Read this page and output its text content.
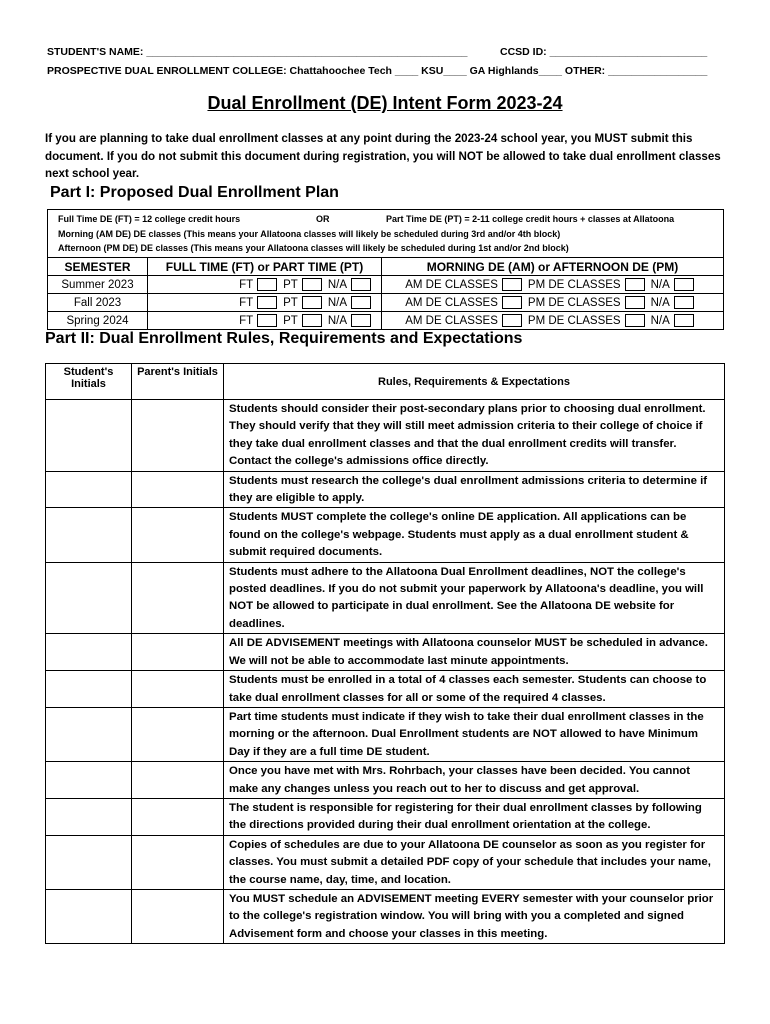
STUDENT'S NAME: _______________________________________________________	CCSD ID: ___________________________
PROSPECTIVE DUAL ENROLLMENT COLLEGE: Chattahoochee Tech ____ KSU____ GA Highlands____ OTHER: _________________
Dual Enrollment (DE) Intent Form 2023-24
If you are planning to take dual enrollment classes at any point during the 2023-24 school year, you MUST submit this document. If you do not submit this document during registration, you will NOT be allowed to take dual enrollment classes next school year.
Part I: Proposed Dual Enrollment Plan
Full Time DE (FT) = 12 college credit hours	OR	Part Time DE (PT) = 2-11 college credit hours + classes at Allatoona
Morning (AM DE) DE classes (This means your Allatoona classes will likely be scheduled during 3rd and/or 4th block)
Afternoon (PM DE) DE classes (This means your Allatoona classes will likely be scheduled during 1st and/or 2nd block)
SEMESTER	FULL TIME (FT) or PART TIME (PT)	MORNING DE (AM) or AFTERNOON DE (PM)
Summer 2023	FT PT N/A	AM DE CLASSES PM DE CLASSES N/A

Fall 2023	FT PT N/A	AM DE CLASSES PM DE CLASSES N/A

Spring 2024	FT PT N/A	AM DE CLASSES PM DE CLASSES N/A
Part II: Dual Enrollment Rules, Requirements and Expectations
Student's Initials	Parent's Initials	Rules, Requirements & Expectations
		Students should consider their post-secondary plans prior to choosing dual enrollment. They should verify that they will still meet admission criteria to their college of choice if they take dual enrollment classes and that the dual enrollment credits will transfer. Contact the college's admissions office directly.
		Students must research the college's dual enrollment admissions criteria to determine if they are eligible to apply.
		Students MUST complete the college's online DE application. All applications can be found on the college's webpage. Students must apply as a dual enrollment student & submit required documents.
		Students must adhere to the Allatoona Dual Enrollment deadlines, NOT the college's posted deadlines. If you do not submit your paperwork by Allatoona's deadline, you will NOT be allowed to participate in dual enrollment. See the Allatoona DE website for deadlines.
		All DE ADVISEMENT meetings with Allatoona counselor MUST be scheduled in advance. We will not be able to accommodate last minute appointments.
		Students must be enrolled in a total of 4 classes each semester. Students can choose to take dual enrollment classes for all or some of the required 4 classes.
		Part time students must indicate if they wish to take their dual enrollment classes in the morning or the afternoon. Dual Enrollment students are NOT allowed to have Minimum Day if they are a full time DE student.
		Once you have met with Mrs. Rohrbach, your classes have been decided. You cannot make any changes unless you reach out to her to discuss and get approval.
		The student is responsible for registering for their dual enrollment classes by following the directions provided during their dual enrollment orientation at the college.
		Copies of schedules are due to your Allatoona DE counselor as soon as you register for classes. You must submit a detailed PDF copy of your schedule that includes your name, the course name, day, time, and location.
		You MUST schedule an ADVISEMENT meeting EVERY semester with your counselor prior to the college's registration window. You will bring with you a completed and signed Advisement form and choose your classes in this meeting.
